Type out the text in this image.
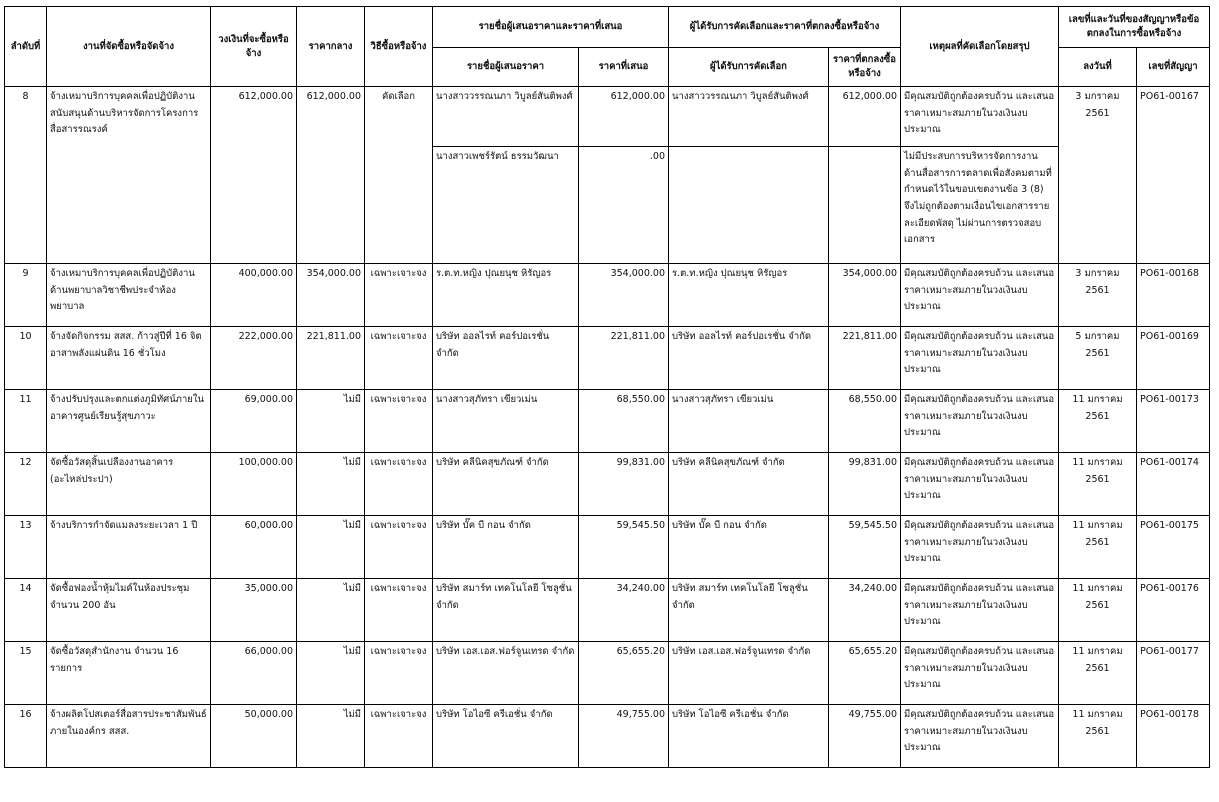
ลำดับที่	งานที่จัดซื้อหรือจัดจ้าง	วงเงินที่จะซื้อหรือจ้าง	ราคากลาง	วิธีซื้อหรือจ้าง	รายชื่อผู้เสนอราคาและราคาที่เสนอ		ผู้ได้รับการคัดเลือกและราคาที่ตกลงซื้อหรือจ้าง		เหตุผลที่คัดเลือกโดยสรุป	เลขที่และวันที่ของสัญญาหรือข้อตกลงในการซื้อหรือจ้าง	
					รายชื่อผู้เสนอราคา	ราคาที่เสนอ	ผู้ได้รับการคัดเลือก	ราคาที่ตกลงซื้อหรือจ้าง		ลงวันที่	เลขที่สัญญา
8	จ้างเหมาบริการบุคคลเพื่อปฏิบัติงานสนับสนุนด้านบริหารจัดการโครงการสื่อสารรณรงค์	612,000.00	612,000.00	คัดเลือก	นางสาววรรณนภา วิบูลย์สันติพงศ์	612,000.00	นางสาววรรณนภา วิบูลย์สันติพงศ์	612,000.00	มีคุณสมบัติถูกต้องครบถ้วน และเสนอราคาเหมาะสมภายในวงเงินงบประมาณ	3 มกราคม 2561	PO61-00167
					นางสาวเพชร์รัตน์ ธรรมวัฒนา	.00			ไม่มีประสบการบริหารจัดการงานด้านสื่อสารการตลาดเพื่อสังคมตามที่กำหนดไว้ในขอบเขตงานข้อ 3 (8) จึงไม่ถูกต้องตามเงื่อนไขเอกสารรายละเอียดพัสดุ ไม่ผ่านการตรวจสอบเอกสาร		
9	จ้างเหมาบริการบุคคลเพื่อปฏิบัติงานด้านพยาบาลวิชาชีพประจำห้องพยาบาล	400,000.00	354,000.00	เฉพาะเจาะจง	ร.ต.ท.หญิง ปุณยนุช หิรัญอร	354,000.00	ร.ต.ท.หญิง ปุณยนุช หิรัญอร	354,000.00	มีคุณสมบัติถูกต้องครบถ้วน และเสนอราคาเหมาะสมภายในวงเงินงบประมาณ	3 มกราคม 2561	PO61-00168
10	จ้างจัดกิจกรรม สสส. ก้าวสู่ปีที่ 16 จิตอาสาพลังแผ่นดิน 16 ชั่วโมง	222,000.00	221,811.00	เฉพาะเจาะจง	บริษัท ออลไรท์ คอร์ปอเรชั่น จำกัด	221,811.00	บริษัท ออลไรท์ คอร์ปอเรชั่น จำกัด	221,811.00	มีคุณสมบัติถูกต้องครบถ้วน และเสนอราคาเหมาะสมภายในวงเงินงบประมาณ	5 มกราคม 2561	PO61-00169
11	จ้างปรับปรุงและตกแต่งภูมิทัศน์ภายในอาคารศูนย์เรียนรู้สุขภาวะ	69,000.00	ไม่มี	เฉพาะเจาะจง	นางสาวสุภัทรา เขียวเม่น	68,550.00	นางสาวสุภัทรา เขียวเม่น	68,550.00	มีคุณสมบัติถูกต้องครบถ้วน และเสนอราคาเหมาะสมภายในวงเงินงบประมาณ	11 มกราคม 2561	PO61-00173
12	จัดซื้อวัสดุสิ้นเปลืองงานอาคาร (อะไหล่ประปา)	100,000.00	ไม่มี	เฉพาะเจาะจง	บริษัท คลีนิคสุขภัณฑ์ จำกัด	99,831.00	บริษัท คลีนิคสุขภัณฑ์ จำกัด	99,831.00	มีคุณสมบัติถูกต้องครบถ้วน และเสนอราคาเหมาะสมภายในวงเงินงบประมาณ	11 มกราคม 2561	PO61-00174
13	จ้างบริการกำจัดแมลงระยะเวลา 1 ปี	60,000.00	ไม่มี	เฉพาะเจาะจง	บริษัท บั๊ค บี กอน จำกัด	59,545.50	บริษัท บั๊ค บี กอน จำกัด	59,545.50	มีคุณสมบัติถูกต้องครบถ้วน และเสนอราคาเหมาะสมภายในวงเงินงบประมาณ	11 มกราคม 2561	PO61-00175
14	จัดซื้อฟองน้ำหุ้มไมค์ในห้องประชุมจำนวน 200 อัน	35,000.00	ไม่มี	เฉพาะเจาะจง	บริษัท สมาร์ท เทคโนโลยี โซลูชั่น จำกัด	34,240.00	บริษัท สมาร์ท เทคโนโลยี โซลูชั่น จำกัด	34,240.00	มีคุณสมบัติถูกต้องครบถ้วน และเสนอราคาเหมาะสมภายในวงเงินงบประมาณ	11 มกราคม 2561	PO61-00176
15	จัดซื้อวัสดุสำนักงาน จำนวน 16 รายการ	66,000.00	ไม่มี	เฉพาะเจาะจง	บริษัท เอส.เอส.ฟอร์จูนเทรด จำกัด	65,655.20	บริษัท เอส.เอส.ฟอร์จูนเทรด จำกัด	65,655.20	มีคุณสมบัติถูกต้องครบถ้วน และเสนอราคาเหมาะสมภายในวงเงินงบประมาณ	11 มกราคม 2561	PO61-00177
16	จ้างผลิตโปสเตอร์สื่อสารประชาสัมพันธ์ภายในองค์กร สสส.	50,000.00	ไม่มี	เฉพาะเจาะจง	บริษัท โอไอซี ครีเอชั่น จำกัด	49,755.00	บริษัท โอไอซี ครีเอชั่น จำกัด	49,755.00	มีคุณสมบัติถูกต้องครบถ้วน และเสนอราคาเหมาะสมภายในวงเงินงบประมาณ	11 มกราคม 2561	PO61-00178
